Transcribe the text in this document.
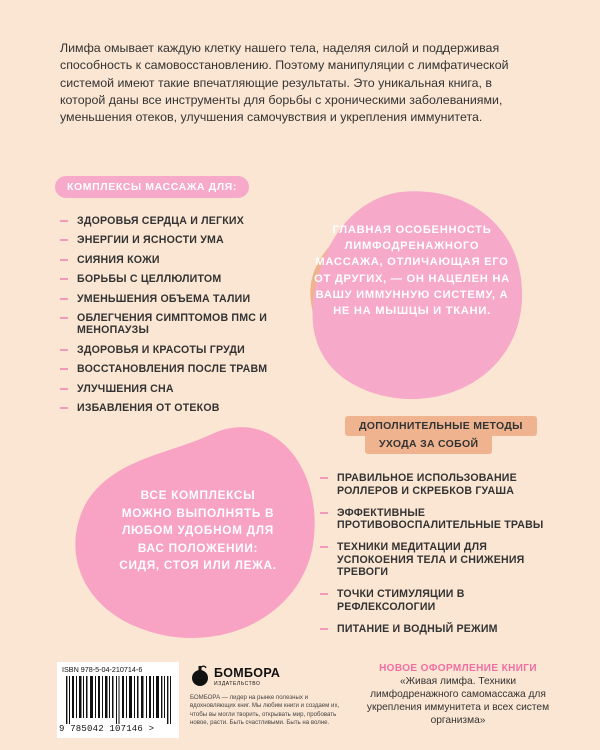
Лимфа омывает каждую клетку нашего тела, наделяя силой и поддерживая способность к самовосстановлению. Поэтому манипуляции с лимфатической системой имеют такие впечатляющие результаты. Это уникальная книга, в которой даны все инструменты для борьбы с хроническими заболеваниями, уменьшения отеков, улучшения самочувствия и укрепления иммунитета.
КОМПЛЕКСЫ МАССАЖА ДЛЯ:
ЗДОРОВЬЯ СЕРДЦА И ЛЕГКИХ
ЭНЕРГИИ И ЯСНОСТИ УМА
СИЯНИЯ КОЖИ
БОРЬБЫ С ЦЕЛЛЮЛИТОМ
УМЕНЬШЕНИЯ ОБЪЕМА ТАЛИИ
ОБЛЕГЧЕНИЯ СИМПТОМОВ ПМС И МЕНОПАУЗЫ
ЗДОРОВЬЯ И КРАСОТЫ ГРУДИ
ВОССТАНОВЛЕНИЯ ПОСЛЕ ТРАВМ
УЛУЧШЕНИЯ СНА
ИЗБАВЛЕНИЯ ОТ ОТЕКОВ
ГЛАВНАЯ ОСОБЕННОСТЬ ЛИМФОДРЕНАЖНОГО МАССАЖА, ОТЛИЧАЮЩАЯ ЕГО ОТ ДРУГИХ, — ОН НАЦЕЛЕН НА ВАШУ ИММУННУЮ СИСТЕМУ, А НЕ НА МЫШЦЫ И ТКАНИ.
ДОПОЛНИТЕЛЬНЫЕ МЕТОДЫ
УХОДА ЗА СОБОЙ
ВСЕ КОМПЛЕКСЫ МОЖНО ВЫПОЛНЯТЬ В ЛЮБОМ УДОБНОМ ДЛЯ ВАС ПОЛОЖЕНИИ: СИДЯ, СТОЯ ИЛИ ЛЕЖА.
ПРАВИЛЬНОЕ ИСПОЛЬЗОВАНИЕ РОЛЛЕРОВ И СКРЕБКОВ ГУАША
ЭФФЕКТИВНЫЕ ПРОТИВОВОСПАЛИТЕЛЬНЫЕ ТРАВЫ
ТЕХНИКИ МЕДИТАЦИИ ДЛЯ УСПОКОЕНИЯ ТЕЛА И СНИЖЕНИЯ ТРЕВОГИ
ТОЧКИ СТИМУЛЯЦИИ В РЕФЛЕКСОЛОГИИ
ПИТАНИЕ И ВОДНЫЙ РЕЖИМ
ISBN 978-5-04-210714-6
9 785042 107146 >
БОМБОРА
ИЗДАТЕЛЬСТВО
БОМБОРА — лидер на рынке полезных и вдохновляющих книг. Мы любим книги и создаем их, чтобы вы могли творить, открывать мир, пробовать новое, расти. Быть счастливыми. Быть на волне.
НОВОЕ ОФОРМЛЕНИЕ КНИГИ
«Живая лимфа. Техники лимфодренажного самомассажа для укрепления иммунитета и всех систем организма»
